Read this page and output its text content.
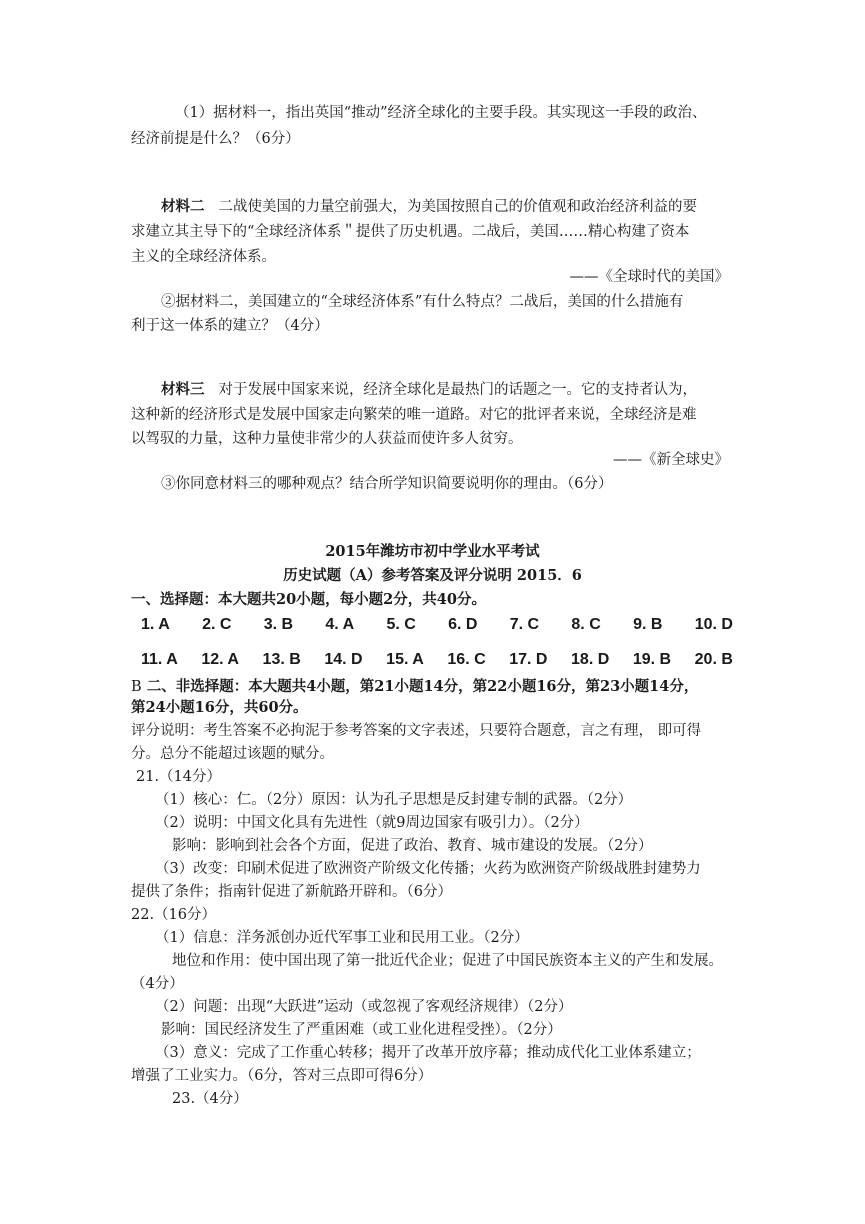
（1）据材料一，指出英国“推动”经济全球化的主要手段。其实现这一手段的政治、
经济前提是什么？（6分）
材料二 二战使美国的力量空前强大，为美国按照自己的价值观和政治经济利益的要
求建立其主导下的“全球经济体系＂提供了历史机遇。二战后，美国……精心构建了资本
主义的全球经济体系。
——《全球时代的美国》
②据材料二，美国建立的“全球经济体系”有什么特点？二战后，美国的什么措施有
利于这一体系的建立？（4分）
材料三 对于发展中国家来说，经济全球化是最热门的话题之一。它的支持者认为，
这种新的经济形式是发展中国家走向繁荣的唯一道路。对它的批评者来说，全球经济是难
以驾驭的力量，这种力量使非常少的人获益而使许多人贫穷。
——《新全球史》
③你同意材料三的哪种观点？结合所学知识简要说明你的理由。（6分）
2015年潍坊市初中学业水平考试
历史试题（A）参考答案及评分说明 2015．6
一、选择题：本大题共20小题，每小题2分，共40分。
1. A 2. C 3. B 4. A 5. C 6. D 7. C 8. C 9. B 10. D
11. A 12. A 13. B 14. D 15. A 16. C 17. D 18. D 19. B 20. B
B 二、非选择题：本大题共4小题，第21小题14分，第22小题16分，第23小题14分，
第24小题16分，共60分。
评分说明：考生答案不必拘泥于参考答案的文字表述，只要符合题意，言之有理， 即可得
分。总分不能超过该题的赋分。
21.（14分）
（1）核心：仁。（2分）原因：认为孔子思想是反封建专制的武器。（2分）
（2）说明：中国文化具有先进性（就9周边国家有吸引力）。（2分）
影响：影响到社会各个方面，促进了政治、教育、城市建设的发展。（2分）
（3）改变：印刷术促进了欧洲资产阶级文化传播；火药为欧洲资产阶级战胜封建势力
提供了条件；指南针促进了新航路开辟和。（6分）
22.（16分）
（1）信息：洋务派创办近代军事工业和民用工业。（2分）
地位和作用：使中国出现了第一批近代企业；促进了中国民族资本主义的产生和发展。
（4分）
（2）问题：出现“大跃进”运动（或忽视了客观经济规律）（2分）
影响：国民经济发生了严重困难（或工业化进程受挫）。（2分）
（3）意义：完成了工作重心转移；揭开了改革开放序幕；推动成代化工业体系建立；
增强了工业实力。（6分，答对三点即可得6分）
23.（4分）
